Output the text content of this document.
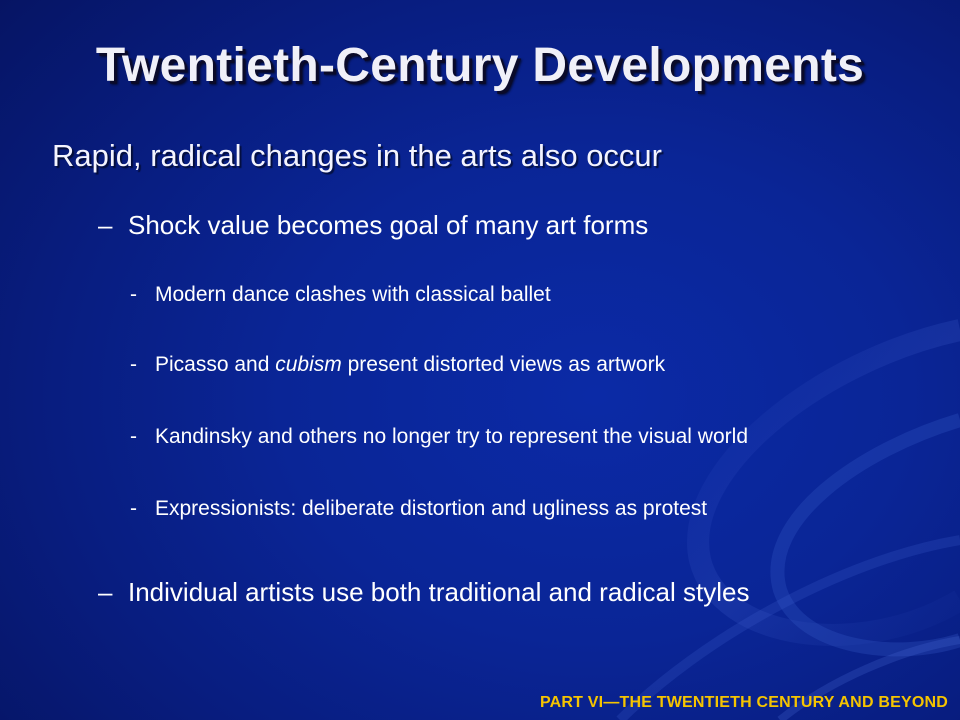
Twentieth-Century Developments
Rapid, radical changes in the arts also occur
– Shock value becomes goal of many art forms
- Modern dance clashes with classical ballet
- Picasso and cubism present distorted views as artwork
- Kandinsky and others no longer try to represent the visual world
- Expressionists: deliberate distortion and ugliness as protest
– Individual artists use both traditional and radical styles
PART VI—THE TWENTIETH CENTURY AND BEYOND
